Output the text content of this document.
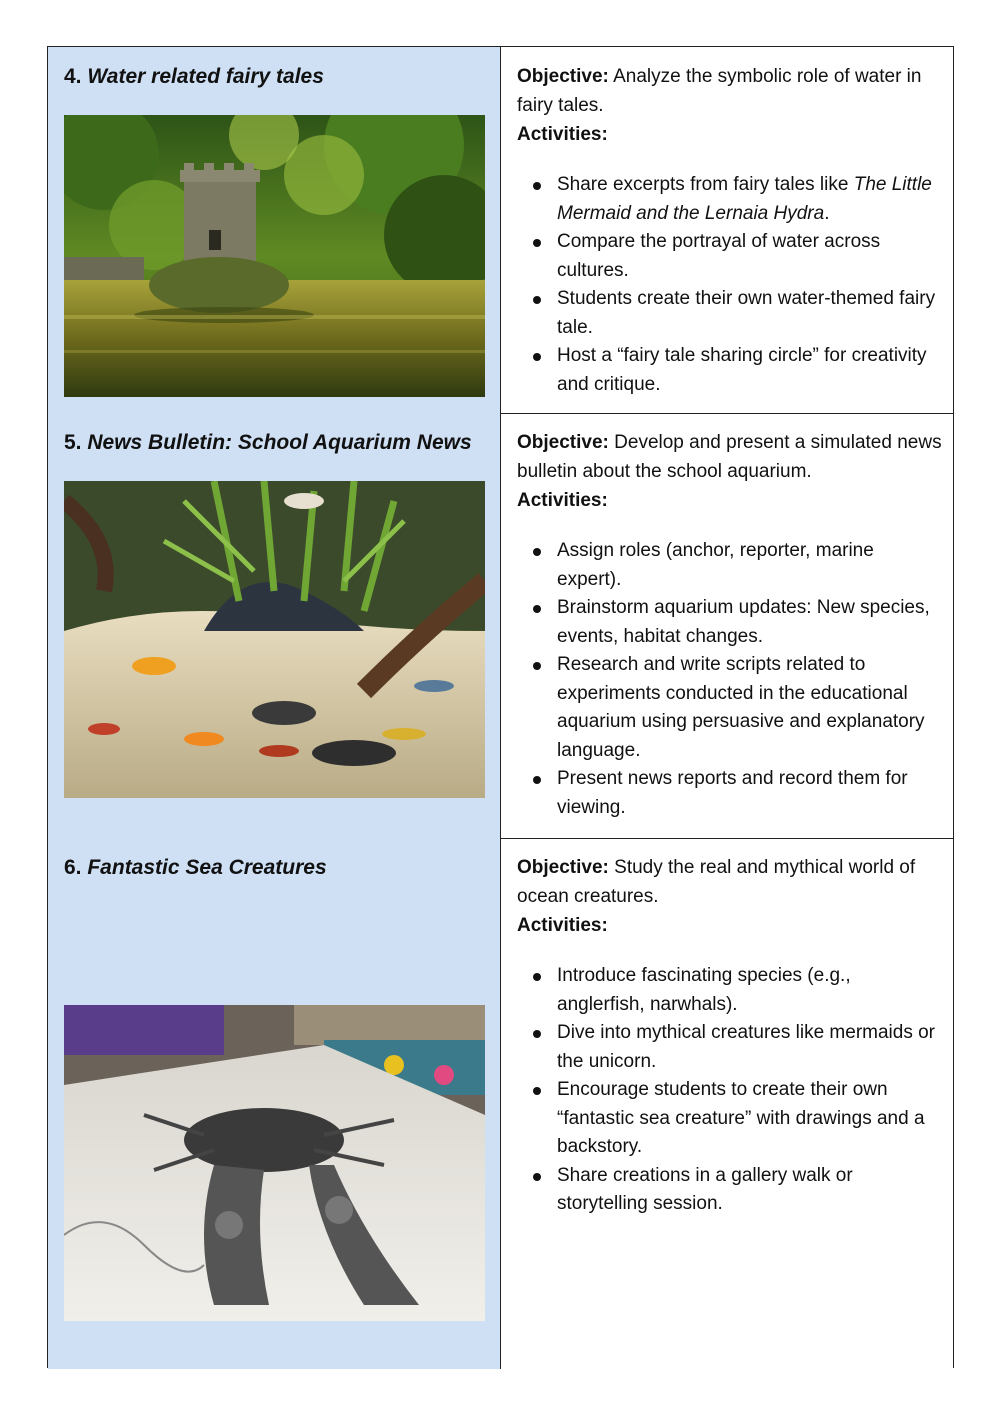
4. Water related fairy tales	Objective: Analyze the symbolic role of water in fairy tales.

Activities:

Share excerpts from fairy tales like The Little Mermaid and the Lernaia Hydra.
Compare the portrayal of water across cultures.
Students create their own water-themed fairy tale.
Host a “fairy tale sharing circle” for creativity and critique.

5. News Bulletin: School Aquarium News Objective: Develop and present a simulated news bulletin about the school aquarium.

Activities:

Assign roles (anchor, reporter, marine expert).
Brainstorm aquarium updates: New species, events, habitat changes.
Research and write scripts related to experiments conducted in the educational aquarium using persuasive and explanatory language.
Present news reports and record them for viewing.

6. Fantastic Sea Creatures	Objective: Study the real and mythical world of ocean creatures.

Activities:

Introduce fascinating species (e.g., anglerfish, narwhals).
Dive into mythical creatures like mermaids or the unicorn.
Encourage students to create their own “fantastic sea creature” with drawings and a backstory.
Share creations in a gallery walk or storytelling session.
